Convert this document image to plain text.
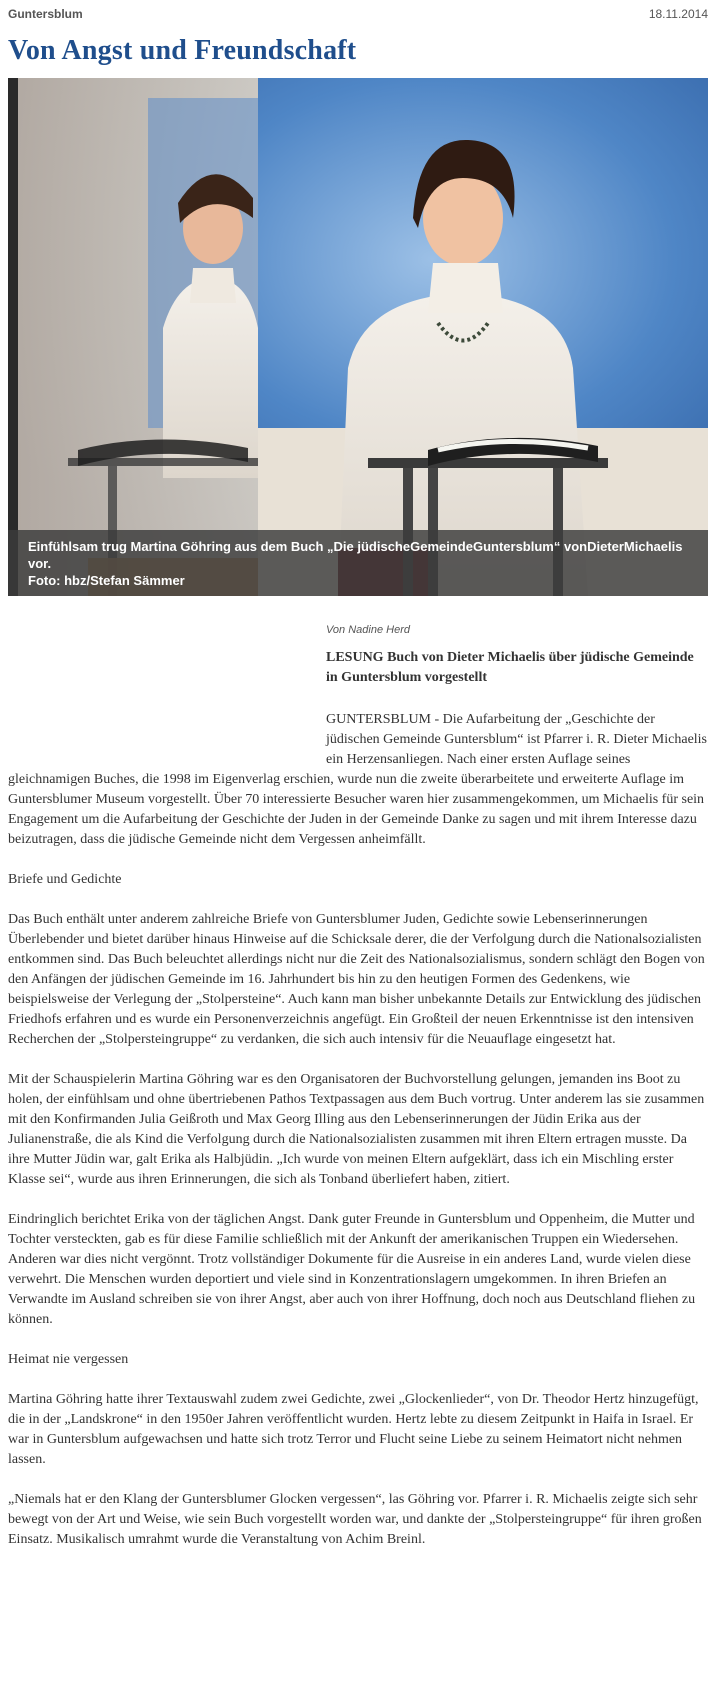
Guntersblum	18.11.2014
Von Angst und Freundschaft
Einfühlsam trug Martina Göhring aus dem Buch „Die jüdischeGemeindeGuntersblum“ vonDieterMichaelis vor.
Foto: hbz/Stefan Sämmer
Von Nadine Herd
LESUNG Buch von Dieter Michaelis über jüdische Gemeinde in Guntersblum vorgestellt

GUNTERSBLUM - Die Aufarbeitung der „Geschichte der jüdischen Gemeinde Guntersblum“ ist Pfarrer i. R. Dieter Michaelis ein Herzensanliegen. Nach einer ersten Auflage seines gleichnamigen Buches, die 1998 im Eigenverlag erschien, wurde nun die zweite überarbeitete und erweiterte Auflage im Guntersblumer Museum vorgestellt. Über 70 interessierte Besucher waren hier zusammengekommen, um Michaelis für sein Engagement um die Aufarbeitung der Geschichte der Juden in der Gemeinde Danke zu sagen und mit ihrem Interesse dazu beizutragen, dass die jüdische Gemeinde nicht dem Vergessen anheimfällt.

Briefe und Gedichte

Das Buch enthält unter anderem zahlreiche Briefe von Guntersblumer Juden, Gedichte sowie Lebenserinnerungen Überlebender und bietet darüber hinaus Hinweise auf die Schicksale derer, die der Verfolgung durch die Nationalsozialisten entkommen sind. Das Buch beleuchtet allerdings nicht nur die Zeit des Nationalsozialismus, sondern schlägt den Bogen von den Anfängen der jüdischen Gemeinde im 16. Jahrhundert bis hin zu den heutigen Formen des Gedenkens, wie beispielsweise der Verlegung der „Stolpersteine“. Auch kann man bisher unbekannte Details zur Entwicklung des jüdischen Friedhofs erfahren und es wurde ein Personenverzeichnis angefügt. Ein Großteil der neuen Erkenntnisse ist den intensiven Recherchen der „Stolpersteingruppe“ zu verdanken, die sich auch intensiv für die Neuauflage eingesetzt hat.

Mit der Schauspielerin Martina Göhring war es den Organisatoren der Buchvorstellung gelungen, jemanden ins Boot zu holen, der einfühlsam und ohne übertriebenen Pathos Textpassagen aus dem Buch vortrug. Unter anderem las sie zusammen mit den Konfirmanden Julia Geißroth und Max Georg Illing aus den Lebenserinnerungen der Jüdin Erika aus der Julianenstraße, die als Kind die Verfolgung durch die Nationalsozialisten zusammen mit ihren Eltern ertragen musste. Da ihre Mutter Jüdin war, galt Erika als Halbjüdin. „Ich wurde von meinen Eltern aufgeklärt, dass ich ein Mischling erster Klasse sei“, wurde aus ihren Erinnerungen, die sich als Tonband überliefert haben, zitiert.

Eindringlich berichtet Erika von der täglichen Angst. Dank guter Freunde in Guntersblum und Oppenheim, die Mutter und Tochter versteckten, gab es für diese Familie schließlich mit der Ankunft der amerikanischen Truppen ein Wiedersehen. Anderen war dies nicht vergönnt. Trotz vollständiger Dokumente für die Ausreise in ein anderes Land, wurde vielen diese verwehrt. Die Menschen wurden deportiert und viele sind in Konzentrationslagern umgekommen. In ihren Briefen an Verwandte im Ausland schreiben sie von ihrer Angst, aber auch von ihrer Hoffnung, doch noch aus Deutschland fliehen zu können.

Heimat nie vergessen

Martina Göhring hatte ihrer Textauswahl zudem zwei Gedichte, zwei „Glockenlieder“, von Dr. Theodor Hertz hinzugefügt, die in der „Landskrone“ in den 1950er Jahren veröffentlicht wurden. Hertz lebte zu diesem Zeitpunkt in Haifa in Israel. Er war in Guntersblum aufgewachsen und hatte sich trotz Terror und Flucht seine Liebe zu seinem Heimatort nicht nehmen lassen.

„Niemals hat er den Klang der Guntersblumer Glocken vergessen“, las Göhring vor. Pfarrer i. R. Michaelis zeigte sich sehr bewegt von der Art und Weise, wie sein Buch vorgestellt worden war, und dankte der „Stolpersteingruppe“ für ihren großen Einsatz. Musikalisch umrahmt wurde die Veranstaltung von Achim Breinl.
